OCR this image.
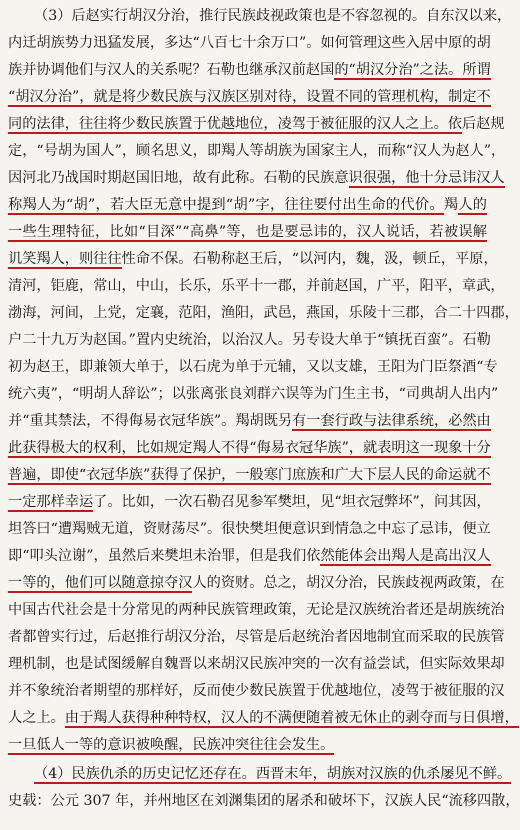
（3）后赵实行胡汉分治，推行民族歧视政策也是不容忽视的。自东汉以来，
内迁胡族势力迅猛发展，多达“八百七十余万口”。如何管理这些入居中原的胡
族并协调他们与汉人的关系呢？石勒也继承汉前赵国的“胡汉分治”之法。所谓
“胡汉分治”，就是将少数民族与汉族区别对待，设置不同的管理机构，制定不
同的法律，往往将少数民族置于优越地位，凌驾于被征服的汉人之上。依后赵规
定，“号胡为国人”，顾名思义，即羯人等胡族为国家主人，而称“汉人为赵人”，
因河北乃战国时期赵国旧地，故有此称。石勒的民族意识很强，他十分忌讳汉人
称羯人为“胡”，若大臣无意中提到“胡”字，往往要付出生命的代价。羯人的
一些生理特征，比如“目深”“高鼻”等，也是要忌讳的，汉人说话，若被误解
讥笑羯人，则往往性命不保。石勒称赵王后，“以河内，魏，汲，顿丘，平原，
清河，钜鹿，常山，中山，长乐，乐平十一郡，并前赵国，广平，阳平，章武，
渤海，河间，上党，定襄，范阳，渔阳，武邑，燕国，乐陵十三郡，合二十四郡，
户二十九万为赵国。”置内史统治，以治汉人。另专设大单于“镇抚百蛮”。石勒
初为赵王，即兼领大单于，以石虎为单于元辅，又以支雄，王阳为门臣祭酒“专
统六夷”，“明胡人辞讼”；以张离张良刘群六误等为门生主书，“司典胡人出内”
并“重其禁法，不得侮易衣冠华族”。羯胡既另有一套行政与法律系统，必然由
此获得极大的权利，比如规定羯人不得“侮易衣冠华族”，就表明这一现象十分
普遍，即使“衣冠华族”获得了保护，一般寒门庶族和广大下层人民的命运就不
一定那样幸运了。比如，一次石勒召见参军樊坦，见“坦衣冠弊坏”，问其因，
坦答曰“遭羯贼无道，资财荡尽”。很快樊坦便意识到情急之中忘了忌讳，便立
即“叩头泣谢”，虽然后来樊坦未治罪，但是我们依然能体会出羯人是高出汉人
一等的，他们可以随意掠夺汉人的资财。总之，胡汉分治，民族歧视两政策，在
中国古代社会是十分常见的两种民族管理政策，无论是汉族统治者还是胡族统治
者都曾实行过，后赵推行胡汉分治，尽管是后赵统治者因地制宜而采取的民族管
理机制，也是试图缓解自魏晋以来胡汉民族冲突的一次有益尝试，但实际效果却
并不象统治者期望的那样好，反而使少数民族置于优越地位，凌驾于被征服的汉
人之上。由于羯人获得种种特权，汉人的不满便随着被无休止的剥夺而与日俱增，
一旦低人一等的意识被唤醒，民族冲突往往会发生。
（4）民族仇杀的历史记忆还存在。西晋末年，胡族对汉族的仇杀屡见不鲜。
史载：公元 307 年，并州地区在刘渊集团的屠杀和破坏下，汉族人民“流移四散，
